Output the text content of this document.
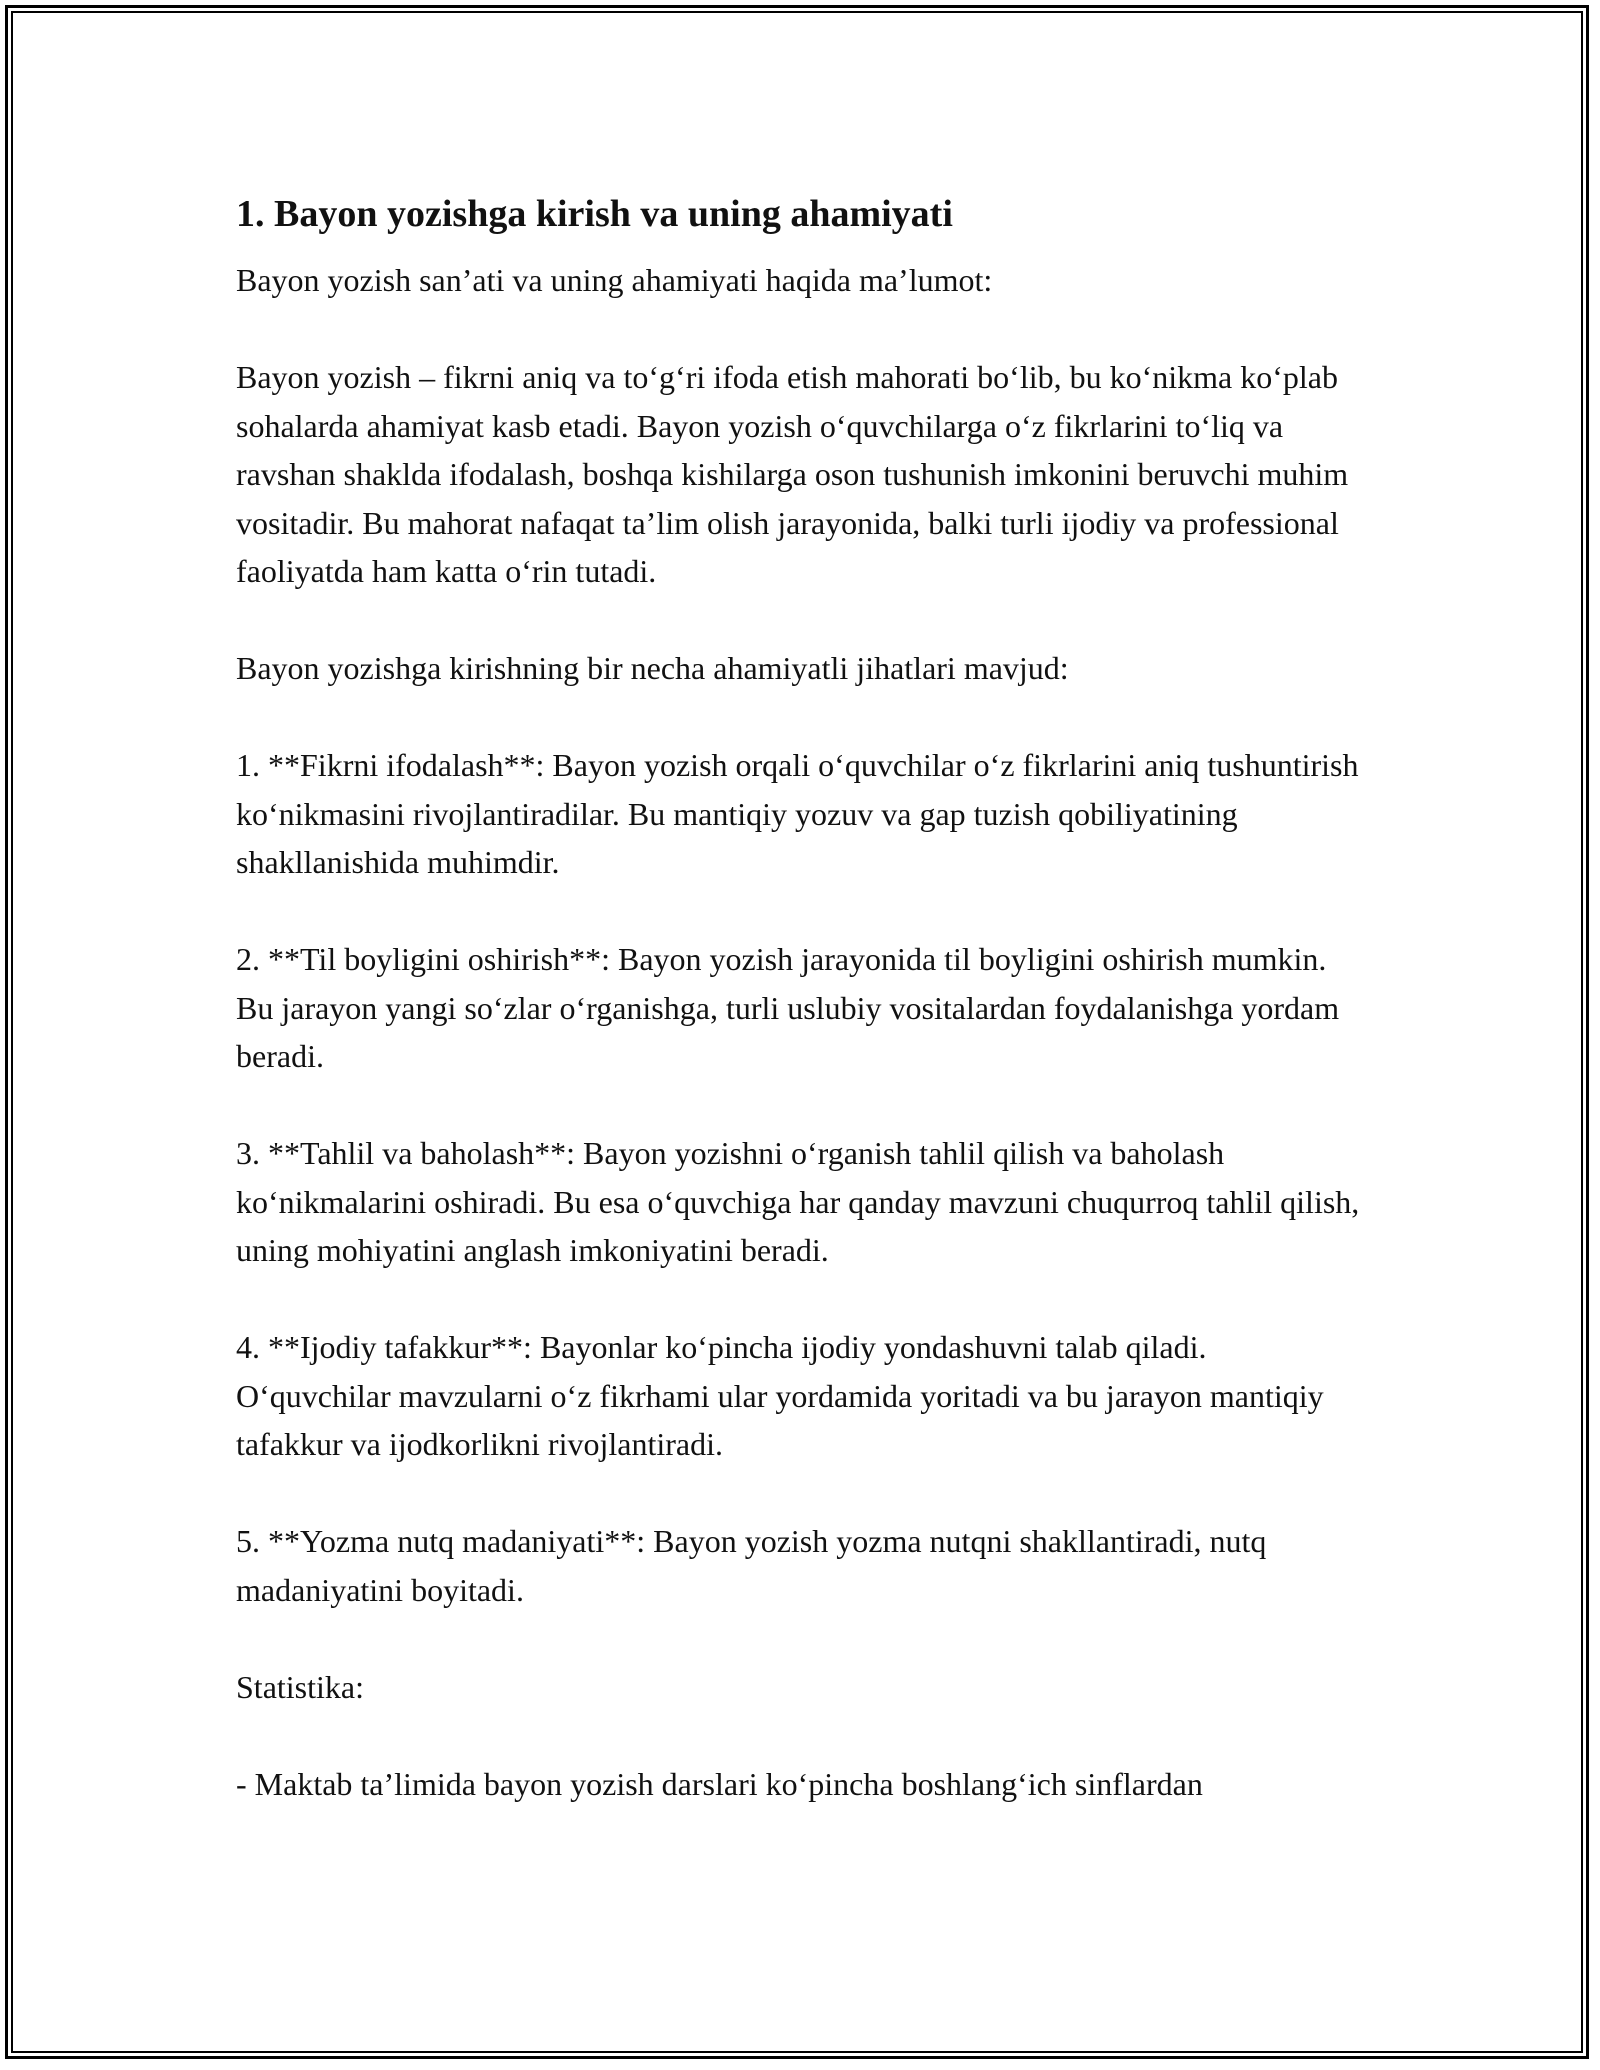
1. Bayon yozishga kirish va uning ahamiyati

Bayon yozish san’ati va uning ahamiyati haqida ma’lumot:

Bayon yozish – fikrni aniq va to‘g‘ri ifoda etish mahorati bo‘lib, bu ko‘nikma ko‘plab sohalarda ahamiyat kasb etadi. Bayon yozish o‘quvchilarga o‘z fikrlarini to‘liq va ravshan shaklda ifodalash, boshqa kishilarga oson tushunish imkonini beruvchi muhim vositadir. Bu mahorat nafaqat ta’lim olish jarayonida, balki turli ijodiy va professional faoliyatda ham katta o‘rin tutadi.

Bayon yozishga kirishning bir necha ahamiyatli jihatlari mavjud:

1. **Fikrni ifodalash**: Bayon yozish orqali o‘quvchilar o‘z fikrlarini aniq tushuntirish ko‘nikmasini rivojlantiradilar. Bu mantiqiy yozuv va gap tuzish qobiliyatining shakllanishida muhimdir.

2. **Til boyligini oshirish**: Bayon yozish jarayonida til boyligini oshirish mumkin. Bu jarayon yangi so‘zlar o‘rganishga, turli uslubiy vositalardan foydalanishga yordam beradi.

3. **Tahlil va baholash**: Bayon yozishni o‘rganish tahlil qilish va baholash ko‘nikmalarini oshiradi. Bu esa o‘quvchiga har qanday mavzuni chuqurroq tahlil qilish, uning mohiyatini anglash imkoniyatini beradi.

4. **Ijodiy tafakkur**: Bayonlar ko‘pincha ijodiy yondashuvni talab qiladi. O‘quvchilar mavzularni o‘z fikrhami ular yordamida yoritadi va bu jarayon mantiqiy tafakkur va ijodkorlikni rivojlantiradi.

5. **Yozma nutq madaniyati**: Bayon yozish yozma nutqni shakllantiradi, nutq madaniyatini boyitadi.

Statistika:

- Maktab ta’limida bayon yozish darslari ko‘pincha boshlang‘ich sinflardan
